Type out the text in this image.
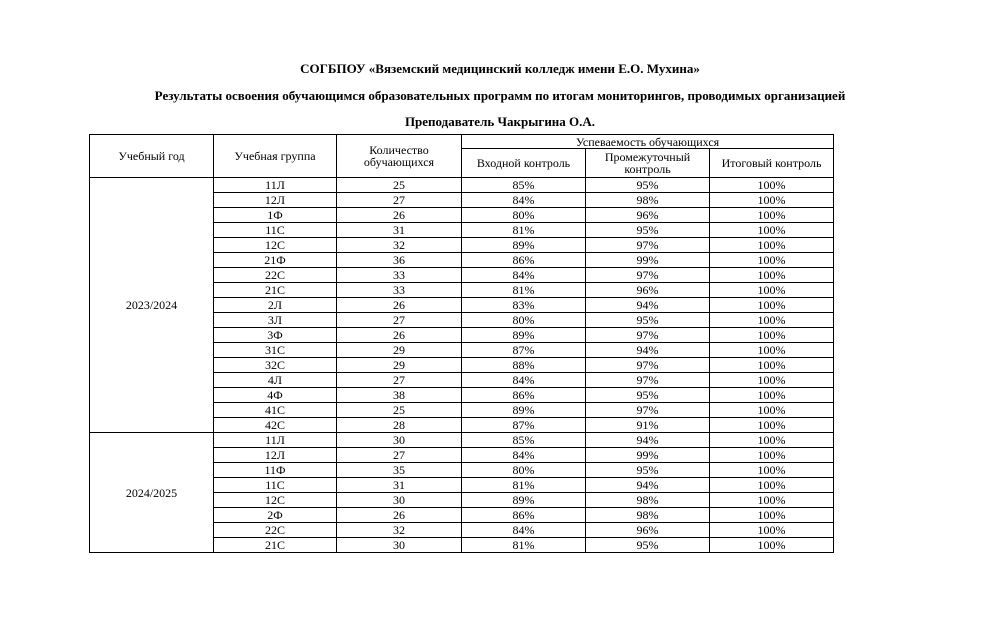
СОГБПОУ «Вяземский медицинский колледж имени Е.О. Мухина»
Результаты освоения обучающимся образовательных программ по итогам мониторингов, проводимых организацией
Преподаватель Чакрыгина О.А.
Учебный год	Учебная группа	Количество обучающихся	Успеваемость обучающихся		
			Входной контроль	Промежуточный контроль	Итоговый контроль
2023/2024	11Л	25	85%	95%	100%
	12Л	27	84%	98%	100%
	1Ф	26	80%	96%	100%
	11С	31	81%	95%	100%
	12С	32	89%	97%	100%
	21Ф	36	86%	99%	100%
	22С	33	84%	97%	100%
	21С	33	81%	96%	100%
	2Л	26	83%	94%	100%
	3Л	27	80%	95%	100%
	3Ф	26	89%	97%	100%
	31С	29	87%	94%	100%
	32С	29	88%	97%	100%
	4Л	27	84%	97%	100%
	4Ф	38	86%	95%	100%
	41С	25	89%	97%	100%
	42С	28	87%	91%	100%
2024/2025	11Л	30	85%	94%	100%
	12Л	27	84%	99%	100%
	11Ф	35	80%	95%	100%
	11С	31	81%	94%	100%
	12С	30	89%	98%	100%
	2Ф	26	86%	98%	100%
	22С	32	84%	96%	100%
	21С	30	81%	95%	100%
